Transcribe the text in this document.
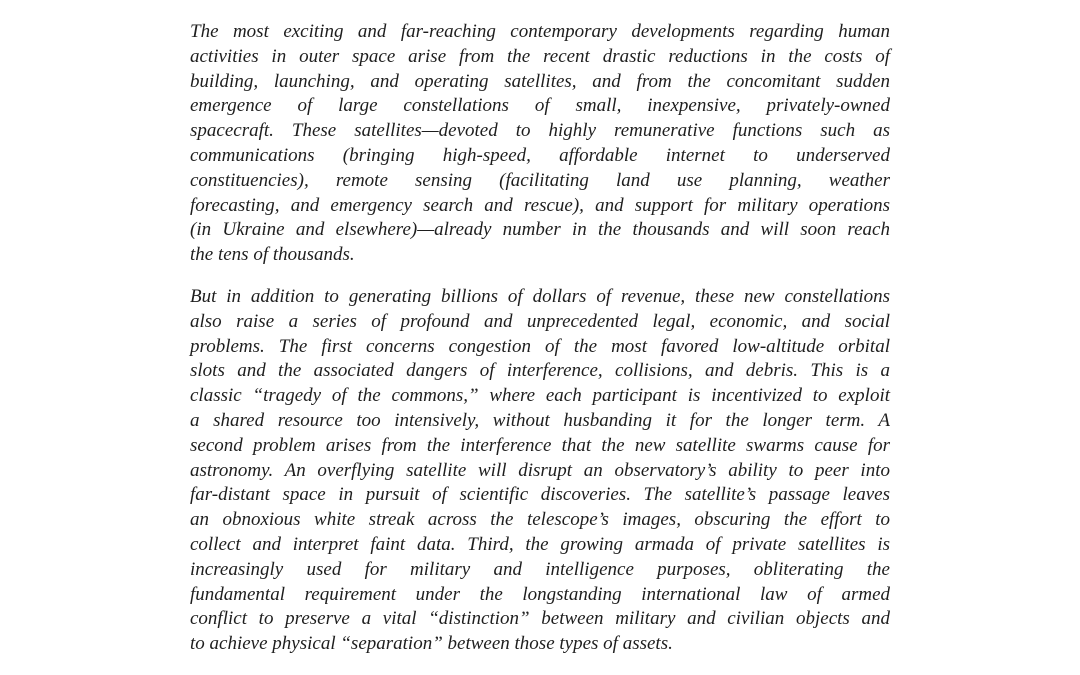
The most exciting and far-reaching contemporary developments regarding human
activities in outer space arise from the recent drastic reductions in the costs of
building, launching, and operating satellites, and from the concomitant sudden
emergence of large constellations of small, inexpensive, privately-owned
spacecraft. These satellites—devoted to highly remunerative functions such as
communications (bringing high-speed, affordable internet to underserved
constituencies), remote sensing (facilitating land use planning, weather
forecasting, and emergency search and rescue), and support for military operations
(in Ukraine and elsewhere)—already number in the thousands and will soon reach
the tens of thousands.
But in addition to generating billions of dollars of revenue, these new constellations
also raise a series of profound and unprecedented legal, economic, and social
problems. The first concerns congestion of the most favored low-altitude orbital
slots and the associated dangers of interference, collisions, and debris. This is a
classic “tragedy of the commons,” where each participant is incentivized to exploit
a shared resource too intensively, without husbanding it for the longer term. A
second problem arises from the interference that the new satellite swarms cause for
astronomy. An overflying satellite will disrupt an observatory’s ability to peer into
far-distant space in pursuit of scientific discoveries. The satellite’s passage leaves
an obnoxious white streak across the telescope’s images, obscuring the effort to
collect and interpret faint data. Third, the growing armada of private satellites is
increasingly used for military and intelligence purposes, obliterating the
fundamental requirement under the longstanding international law of armed
conflict to preserve a vital “distinction” between military and civilian objects and
to achieve physical “separation” between those types of assets.
